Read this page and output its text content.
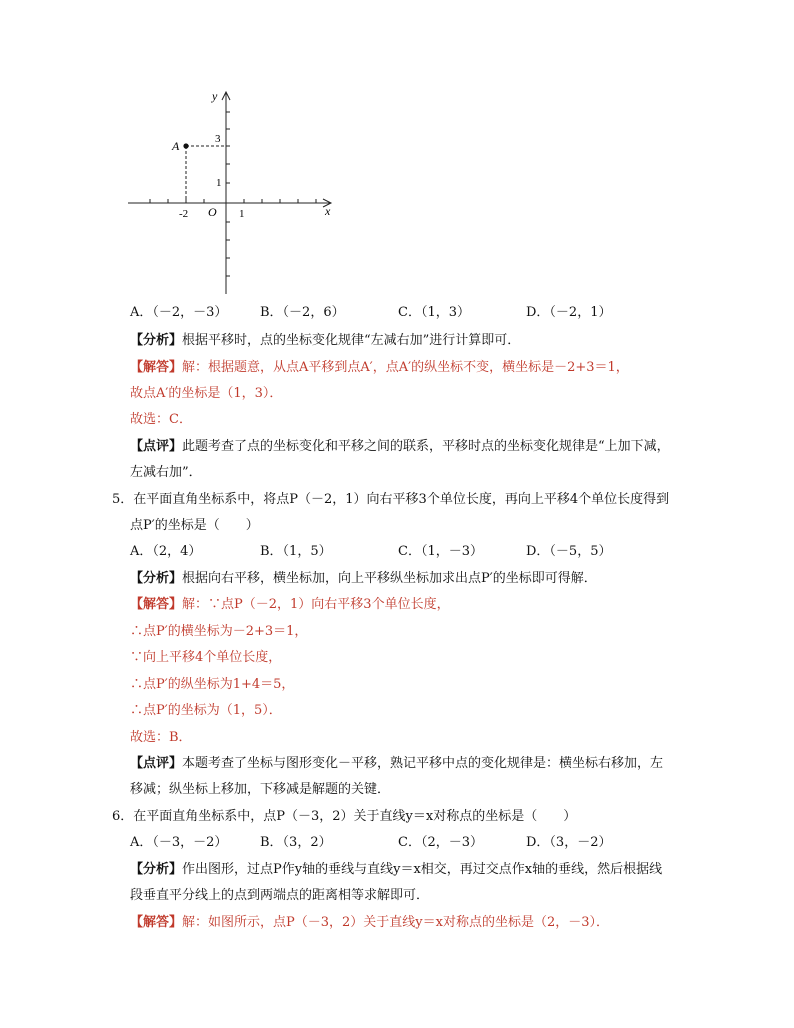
y
x
O
A	3
1
-2	1
A．（－2，－3）	B．（－2，6）	C．（1，3）	D．（－2，1）
【分析】根据平移时，点的坐标变化规律“左减右加”进行计算即可．
【解答】解：根据题意，从点A平移到点A′，点A′的纵坐标不变，横坐标是－2+3＝1，
故点A′的坐标是（1，3）．
故选：C．
【点评】此题考查了点的坐标变化和平移之间的联系，平移时点的坐标变化规律是“上加下减，
左减右加”．
5．在平面直角坐标系中，将点P（－2，1）向右平移3个单位长度，再向上平移4个单位长度得到
点P′的坐标是（　　）
A．（2，4）	B．（1，5）	C．（1，－3）	D．（－5，5）
【分析】根据向右平移，横坐标加，向上平移纵坐标加求出点P′的坐标即可得解．
【解答】解：∵点P（－2，1）向右平移3个单位长度，
∴点P′的横坐标为－2+3＝1，
∵向上平移4个单位长度，
∴点P′的纵坐标为1+4＝5，
∴点P′的坐标为（1，5）．
故选：B．
【点评】本题考查了坐标与图形变化－平移，熟记平移中点的变化规律是：横坐标右移加，左
移减；纵坐标上移加，下移减是解题的关键．
6．在平面直角坐标系中，点P（－3，2）关于直线y＝x对称点的坐标是（　　）
A．（－3，－2）	B．（3，2）	C．（2，－3）	D．（3，－2）
【分析】作出图形，过点P作y轴的垂线与直线y＝x相交，再过交点作x轴的垂线，然后根据线
段垂直平分线上的点到两端点的距离相等求解即可．
【解答】解：如图所示，点P（－3，2）关于直线y＝x对称点的坐标是（2，－3）．
